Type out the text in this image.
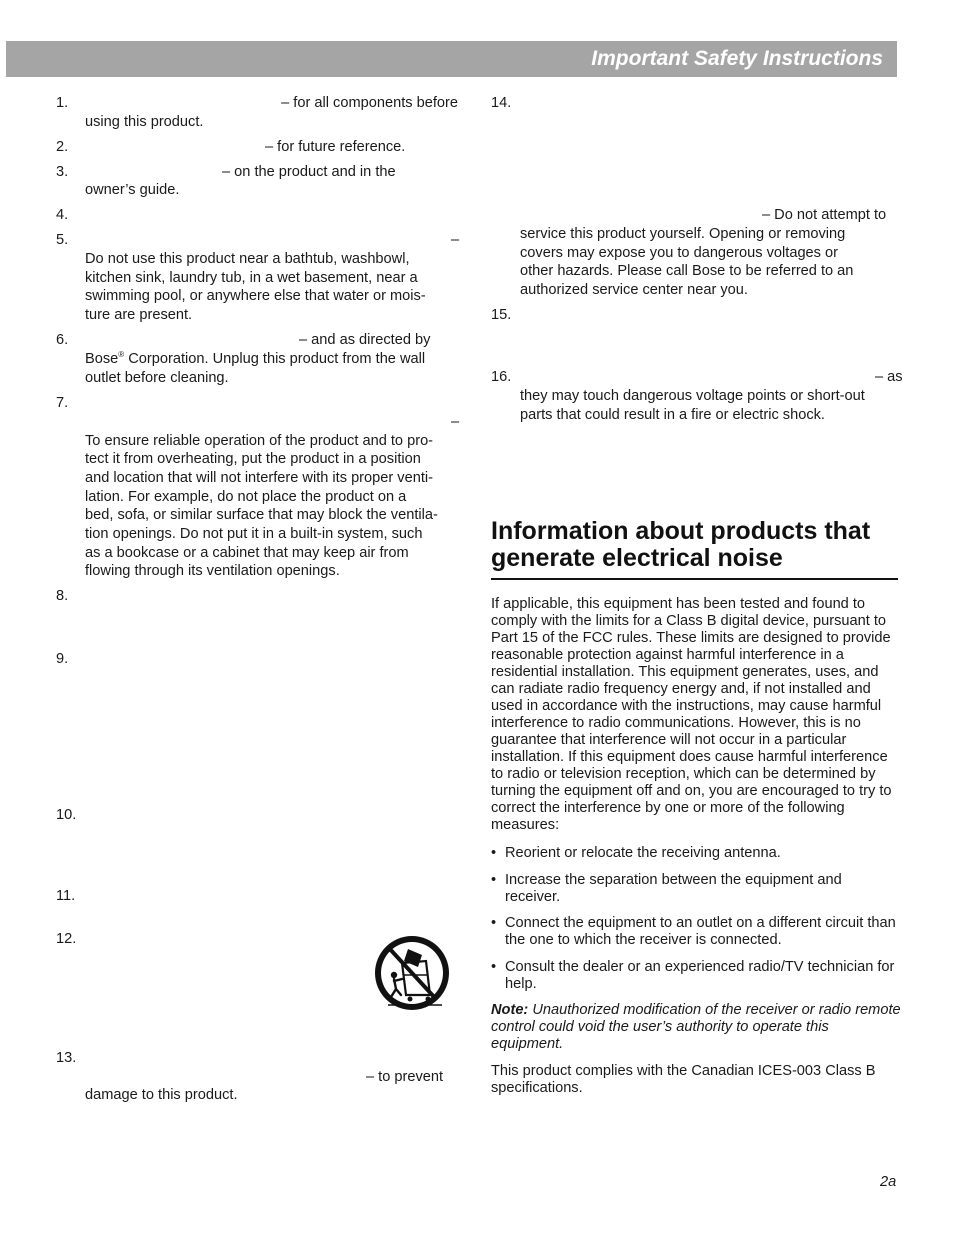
Important Safety Instructions
1.	– for all components before
using this product.
2.	– for future reference.
3.	– on the product and in the
owner’s guide.
4.
5.	–
Do not use this product near a bathtub, washbowl,
kitchen sink, laundry tub, in a wet basement, near a
swimming pool, or anywhere else that water or mois-
ture are present.
6.	– and as directed by
Bose® Corporation. Unplug this product from the wall
outlet before cleaning.
7.
–
To ensure reliable operation of the product and to pro-
tect it from overheating, put the product in a position
and location that will not interfere with its proper venti-
lation. For example, do not place the product on a
bed, sofa, or similar surface that may block the ventila-
tion openings. Do not put it in a built-in system, such
as a bookcase or a cabinet that may keep air from
flowing through its ventilation openings.
8.
9.
10.
11.
12.
13.
– to prevent
damage to this product.
14.
– Do not attempt to
service this product yourself. Opening or removing
covers may expose you to dangerous voltages or
other hazards. Please call Bose to be referred to an
authorized service center near you.
15.
16.	– as
they may touch dangerous voltage points or short-out
parts that could result in a fire or electric shock.
Information about products that generate electrical noise
If applicable, this equipment has been tested and found to comply with the limits for a Class B digital device, pursuant to Part 15 of the FCC rules. These limits are designed to provide reasonable protection against harmful interference in a residential installation. This equipment generates, uses, and can radiate radio frequency energy and, if not installed and used in accordance with the instructions, may cause harmful interference to radio communications. However, this is no guarantee that interference will not occur in a particular installation. If this equipment does cause harmful interference to radio or television reception, which can be determined by turning the equipment off and on, you are encouraged to try to correct the interference by one or more of the following measures:
• Reorient or relocate the receiving antenna.
• Increase the separation between the equipment and receiver.
• Connect the equipment to an outlet on a different circuit than the one to which the receiver is connected.
• Consult the dealer or an experienced radio/TV technician for help.
Note: Unauthorized modification of the receiver or radio remote control could void the user’s authority to operate this equipment.
This product complies with the Canadian ICES-003 Class B specifications.
2a
